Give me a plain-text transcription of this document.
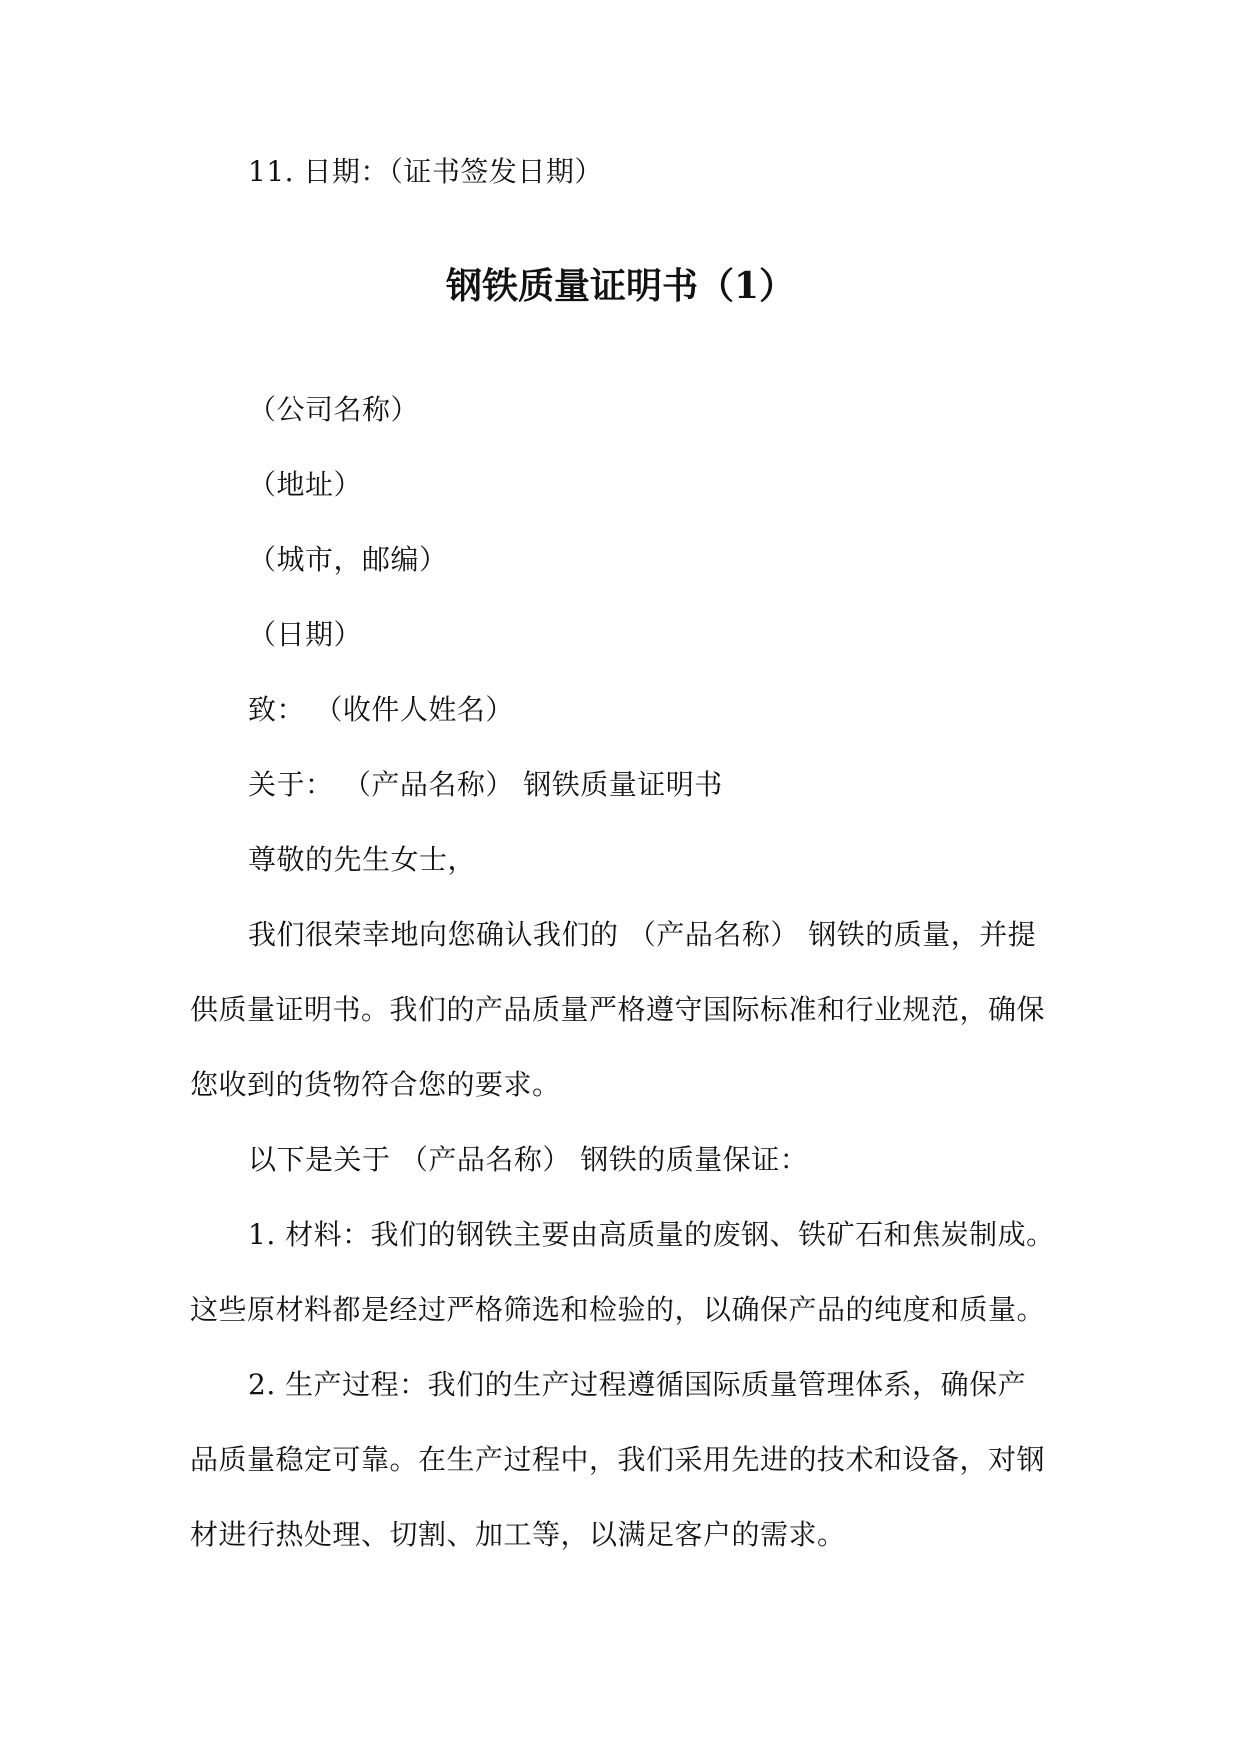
11. 日期：（证书签发日期）
钢铁质量证明书（1）
（公司名称）
（地址）
（城市，邮编）
（日期）
致： （收件人姓名）
关于： （产品名称） 钢铁质量证明书
尊敬的先生女士，
我们很荣幸地向您确认我们的 （产品名称） 钢铁的质量，并提
供质量证明书。我们的产品质量严格遵守国际标准和行业规范，确保
您收到的货物符合您的要求。
以下是关于 （产品名称） 钢铁的质量保证：
1. 材料：我们的钢铁主要由高质量的废钢、铁矿石和焦炭制成。
这些原材料都是经过严格筛选和检验的，以确保产品的纯度和质量。
2. 生产过程：我们的生产过程遵循国际质量管理体系，确保产
品质量稳定可靠。在生产过程中，我们采用先进的技术和设备，对钢
材进行热处理、切割、加工等，以满足客户的需求。
